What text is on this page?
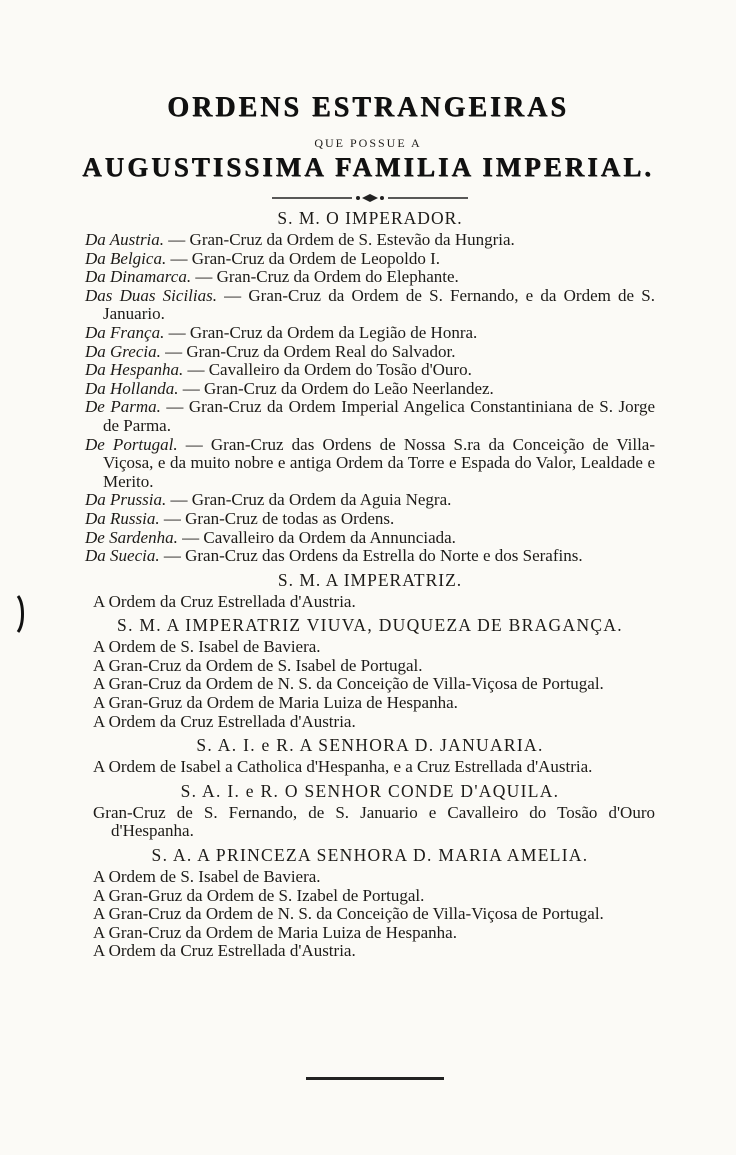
ORDENS ESTRANGEIRAS
QUE POSSUE A
AUGUSTISSIMA FAMILIA IMPERIAL.
S. M. O IMPERADOR.
Da Austria. — Gran-Cruz da Ordem de S. Estevão da Hungria.
Da Belgica. — Gran-Cruz da Ordem de Leopoldo I.
Da Dinamarca. — Gran-Cruz da Ordem do Elephante.
Das Duas Sicilias. — Gran-Cruz da Ordem de S. Fernando, e da Ordem de S. Januario.
Da França. — Gran-Cruz da Ordem da Legião de Honra.
Da Grecia. — Gran-Cruz da Ordem Real do Salvador.
Da Hespanha. — Cavalleiro da Ordem do Tosão d'Ouro.
Da Hollanda. — Gran-Cruz da Ordem do Leão Neerlandez.
De Parma. — Gran-Cruz da Ordem Imperial Angelica Constantiniana de S. Jorge de Parma.
De Portugal. — Gran-Cruz das Ordens de Nossa S.ra da Conceição de Villa-Viçosa, e da muito nobre e antiga Ordem da Torre e Espada do Valor, Lealdade e Merito.
Da Prussia. — Gran-Cruz da Ordem da Aguia Negra.
Da Russia. — Gran-Cruz de todas as Ordens.
De Sardenha. — Cavalleiro da Ordem da Annunciada.
Da Suecia. — Gran-Cruz das Ordens da Estrella do Norte e dos Serafins.
S. M. A IMPERATRIZ.
A Ordem da Cruz Estrellada d'Austria.
S. M. A IMPERATRIZ VIUVA, DUQUEZA DE BRAGANÇA.
A Ordem de S. Isabel de Baviera.
A Gran-Cruz da Ordem de S. Isabel de Portugal.
A Gran-Cruz da Ordem de N. S. da Conceição de Villa-Viçosa de Portugal.
A Gran-Gruz da Ordem de Maria Luiza de Hespanha.
A Ordem da Cruz Estrellada d'Austria.
S. A. I. e R. A SENHORA D. JANUARIA.
A Ordem de Isabel a Catholica d'Hespanha, e a Cruz Estrellada d'Austria.
S. A. I. e R. O SENHOR CONDE D'AQUILA.
Gran-Cruz de S. Fernando, de S. Januario e Cavalleiro do Tosão d'Ouro d'Hespanha.
S. A. A PRINCEZA SENHORA D. MARIA AMELIA.
A Ordem de S. Isabel de Baviera.
A Gran-Gruz da Ordem de S. Izabel de Portugal.
A Gran-Cruz da Ordem de N. S. da Conceição de Villa-Viçosa de Portugal.
A Gran-Cruz da Ordem de Maria Luiza de Hespanha.
A Ordem da Cruz Estrellada d'Austria.
